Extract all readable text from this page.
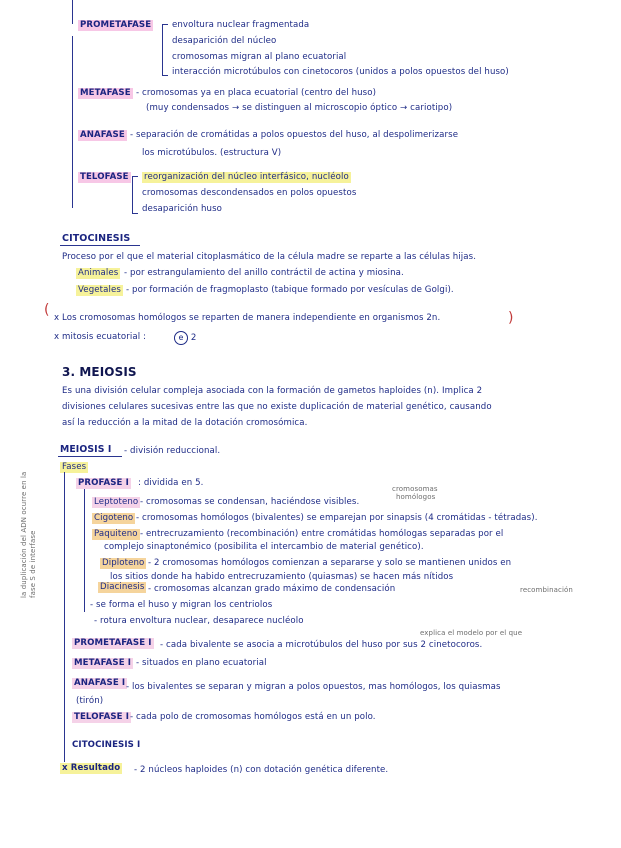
PROMETAFASE envoltura nuclear fragmentada
desaparición del núcleo
cromosomas migran al plano ecuatorial
interacción microtúbulos con cinetocoros (unidos a polos opuestos del huso)
METAFASE - cromosomas ya en placa ecuatorial (centro del huso)
(muy condensados → se distinguen al microscopio óptico → cariotipo)
ANAFASE - separación de cromátidas a polos opuestos del huso, al despolimerizarse
los microtúbulos. (estructura V)
TELOFASE reorganización del núcleo interfásico, nucléolo
cromosomas descondensados en polos opuestos
desaparición huso
CITOCINESIS
Proceso por el que el material citoplasmático de la célula madre se reparte a las células hijas.
Animales - por estrangulamiento del anillo contráctil de actina y miosina.
Vegetales - por formación de fragmoplasto (tabique formado por vesículas de Golgi).
( x Los cromosomas homólogos se reparten de manera independiente en organismos 2n.
x mitosis ecuatorial :	e 2
)
3. MEIOSIS
Es una división celular compleja asociada con la formación de gametos haploides (n). Implica 2
divisiones celulares sucesivas entre las que no existe duplicación de material genético, causando
así la reducción a la mitad de la dotación cromosómica.
MEIOSIS I - división reduccional.
la duplicación del ADN ocurre en la fase S de interfase
Fases
PROFASE I : dividida en 5.
cromosomas
homólogos
Leptoteno - cromosomas se condensan, haciéndose visibles.
Cigoteno - cromosomas homólogos (bivalentes) se emparejan por sinapsis (4 cromátidas - tétradas).
Paquiteno - entrecruzamiento (recombinación) entre cromátidas homólogas separadas por el
complejo sinaptonémico (posibilita el intercambio de material genético).
Diploteno - 2 cromosomas homólogos comienzan a separarse y solo se mantienen unidos en
los sitios donde ha habido entrecruzamiento (quiasmas) se hacen más nítidos
recombinación
Diacinesis - cromosomas alcanzan grado máximo de condensación
- se forma el huso y migran los centriolos
- rotura envoltura nuclear, desaparece nucléolo
explica el modelo por el que
PROMETAFASE I - cada bivalente se asocia a microtúbulos del huso por sus 2 cinetocoros.
METAFASE I - situados en plano ecuatorial
ANAFASE I - los bivalentes se separan y migran a polos opuestos, mas homólogos, los quiasmas
(tirón)
TELOFASE I - cada polo de cromosomas homólogos está en un polo.
CITOCINESIS I
x Resultado - 2 núcleos haploides (n) con dotación genética diferente.
